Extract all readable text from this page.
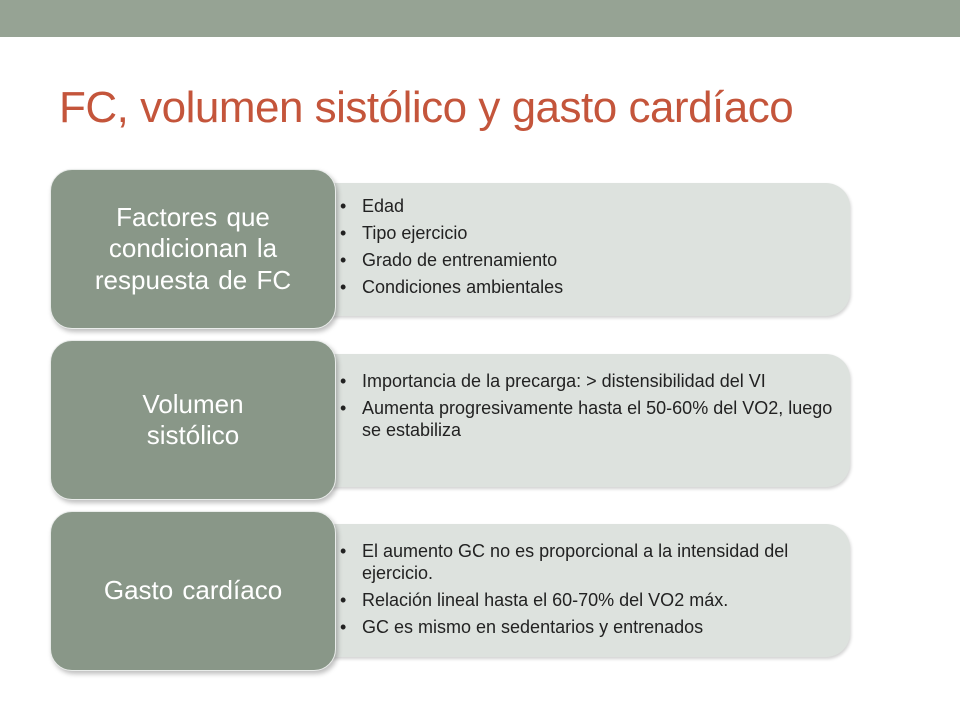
FC, volumen sistólico y gasto cardíaco
Factores que condicionan la respuesta de FC
• Edad
• Tipo ejercicio
• Grado de entrenamiento
• Condiciones ambientales
Volumen sistólico
• Importancia de la precarga: > distensibilidad del VI
• Aumenta progresivamente hasta el 50-60% del VO2, luego se estabiliza
Gasto cardíaco
• El aumento GC no es proporcional a la intensidad del ejercicio.
• Relación lineal hasta el 60-70% del VO2 máx.
• GC es mismo en sedentarios y entrenados
